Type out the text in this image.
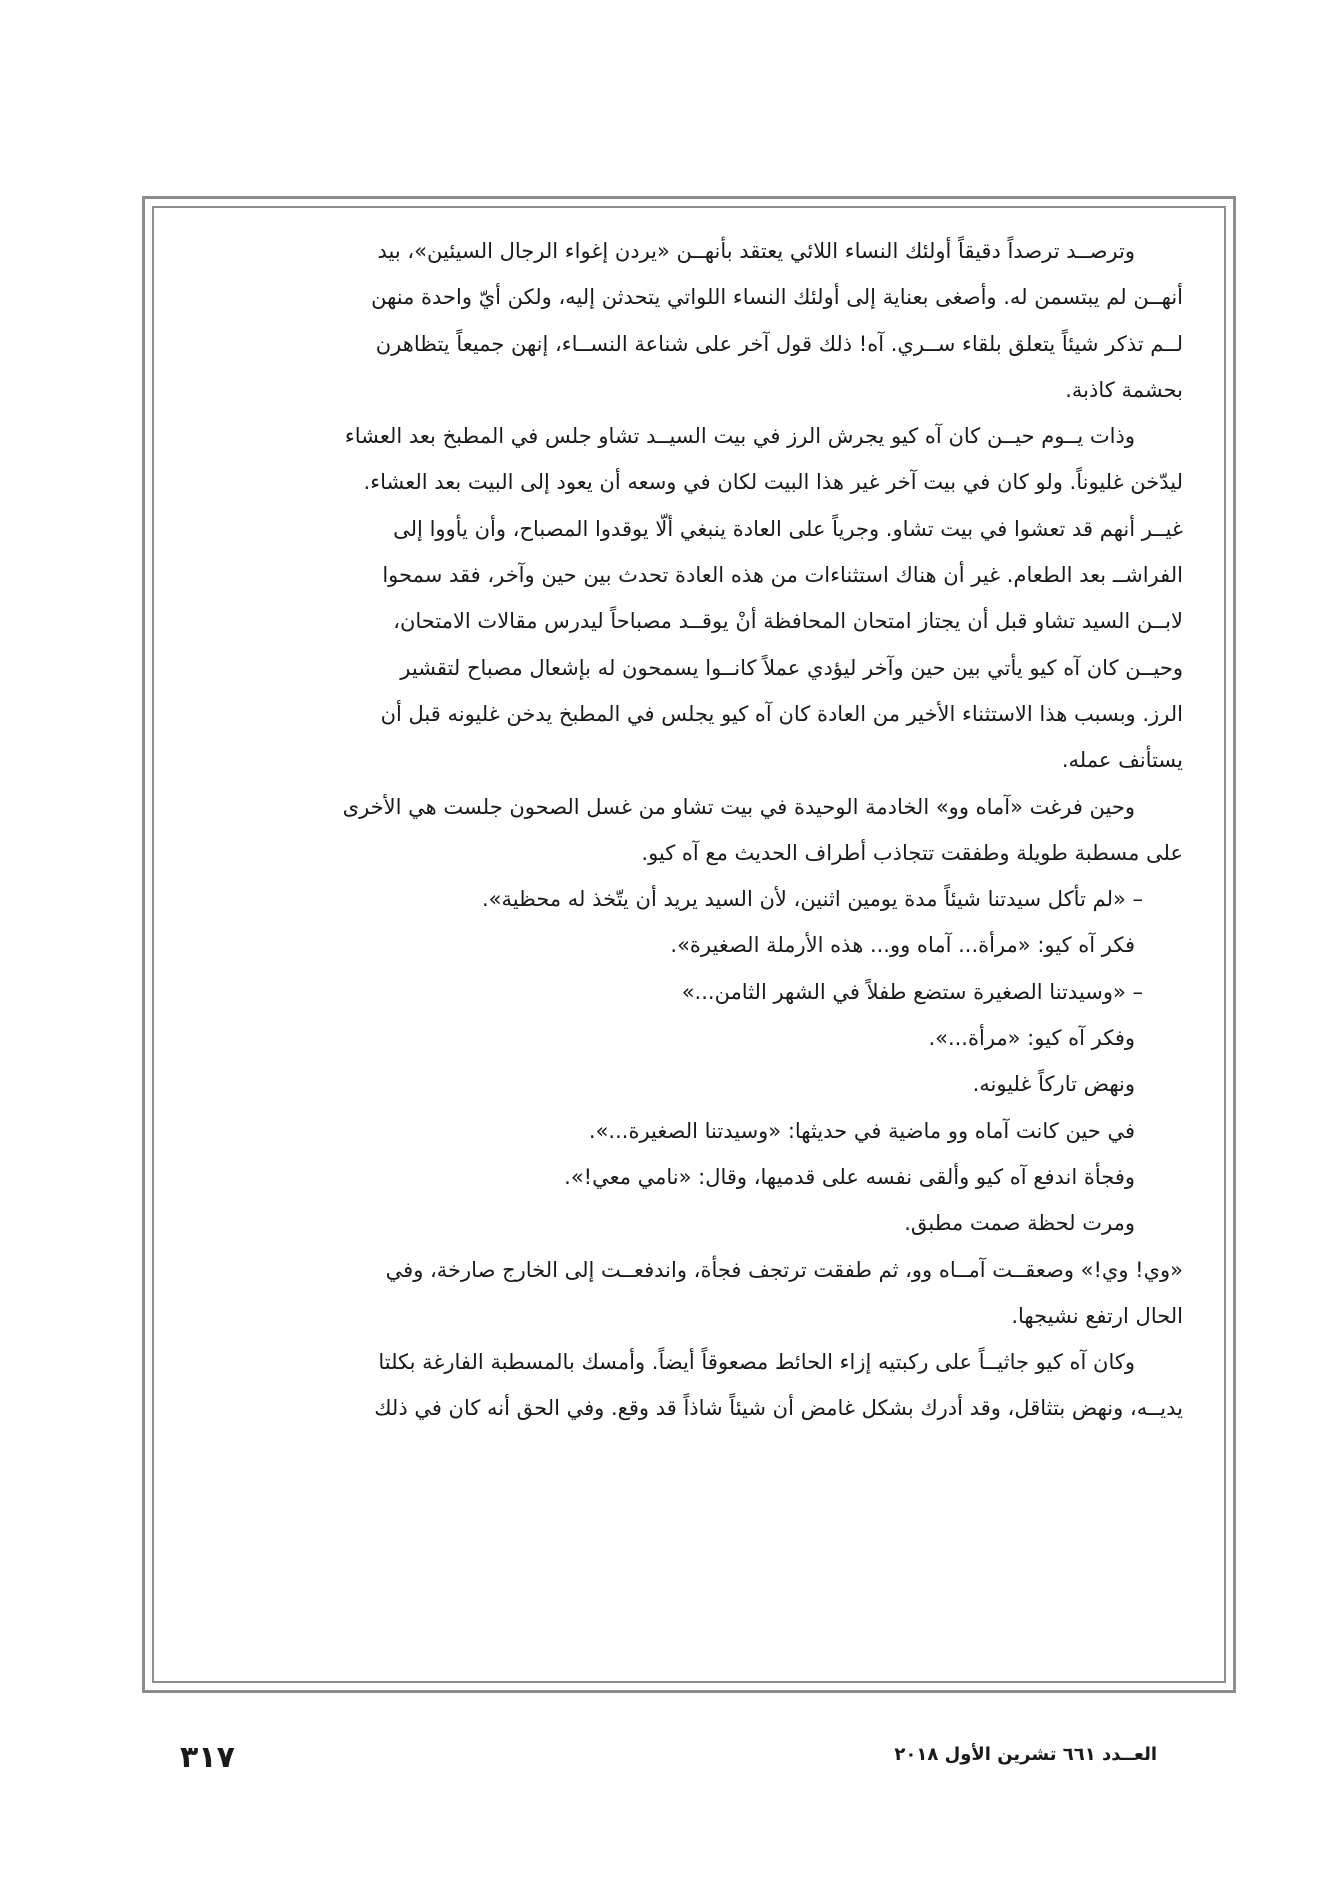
وترصــد ترصداً دقيقاً أولئك النساء اللائي يعتقد بأنهــن «يردن إغواء الرجال السيئين»، بيد
أنهــن لم يبتسمن له. وأصغى بعناية إلى أولئك النساء اللواتي يتحدثن إليه، ولكن أيّ واحدة منهن
لــم تذكر شيئاً يتعلق بلقاء ســري. آه! ذلك قول آخر على شناعة النســاء، إنهن جميعاً يتظاهرن
بحشمة كاذبة.
وذات يــوم حيــن كان آه كيو يجرش الرز في بيت السيــد تشاو جلس في المطبخ بعد العشاء
ليدّخن غليوناً. ولو كان في بيت آخر غير هذا البيت لكان في وسعه أن يعود إلى البيت بعد العشاء.
غيــر أنهم قد تعشوا في بيت تشاو. وجرياً على العادة ينبغي ألّا يوقدوا المصباح، وأن يأووا إلى
الفراشــ بعد الطعام. غير أن هناك استثناءات من هذه العادة تحدث بين حين وآخر، فقد سمحوا
لابــن السيد تشاو قبل أن يجتاز امتحان المحافظة أنْ يوقــد مصباحاً ليدرس مقالات الامتحان،
وحيــن كان آه كيو يأتي بين حين وآخر ليؤدي عملاً كانــوا يسمحون له بإشعال مصباح لتقشير
الرز. وبسبب هذا الاستثناء الأخير من العادة كان آه كيو يجلس في المطبخ يدخن غليونه قبل أن
يستأنف عمله.
وحين فرغت «آماه وو» الخادمة الوحيدة في بيت تشاو من غسل الصحون جلست هي الأخرى
على مسطبة طويلة وطفقت تتجاذب أطراف الحديث مع آه كيو.
– «لم تأكل سيدتنا شيئاً مدة يومين اثنين، لأن السيد يريد أن يتّخذ له محظية».
فكر آه كيو: «مرأة... آماه وو... هذه الأرملة الصغيرة».
– «وسيدتنا الصغيرة ستضع طفلاً في الشهر الثامن...»
وفكر آه كيو: «مرأة...».
ونهض تاركاً غليونه.
في حين كانت آماه وو ماضية في حديثها: «وسيدتنا الصغيرة...».
وفجأة اندفع آه كيو وألقى نفسه على قدميها، وقال: «نامي معي!».
ومرت لحظة صمت مطبق.
«وي! وي!» وصعقــت آمــاه وو، ثم طفقت ترتجف فجأة، واندفعــت إلى الخارج صارخة، وفي
الحال ارتفع نشيجها.
وكان آه كيو جاثيــاً على ركبتيه إزاء الحائط مصعوقاً أيضاً. وأمسك بالمسطبة الفارغة بكلتا
يديــه، ونهض بتثاقل، وقد أدرك بشكل غامض أن شيئاً شاذاً قد وقع. وفي الحق أنه كان في ذلك
٣١٧	العــدد ٦٦١ تشرين الأول ٢٠١٨
